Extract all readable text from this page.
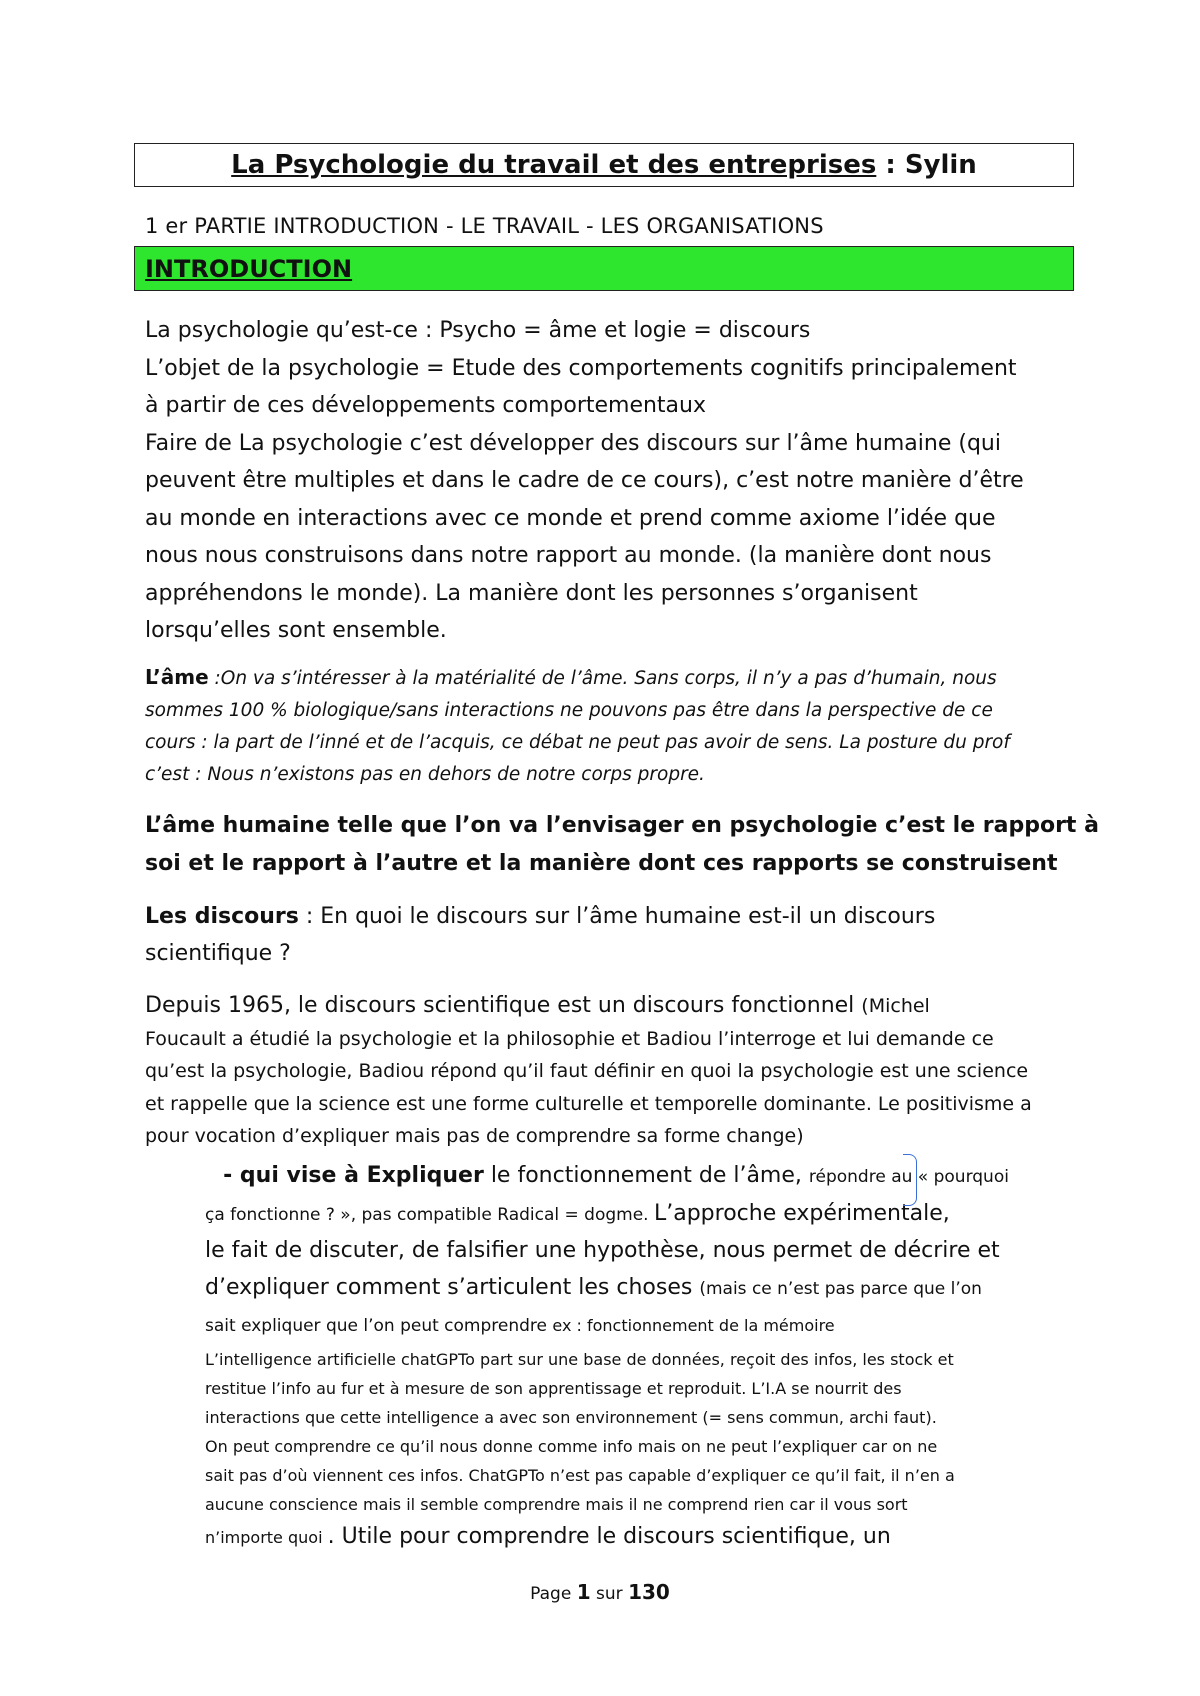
La Psychologie du travail et des entreprises : Sylin
1 er PARTIE INTRODUCTION - LE TRAVAIL - LES ORGANISATIONS
INTRODUCTION
La psychologie qu’est-ce : Psycho = âme et logie = discours
L’objet de la psychologie = Etude des comportements cognitifs principalement
à partir de ces développements comportementaux
Faire de La psychologie c’est développer des discours sur l’âme humaine (qui
peuvent être multiples et dans le cadre de ce cours), c’est notre manière d’être
au monde en interactions avec ce monde et prend comme axiome l’idée que
nous nous construisons dans notre rapport au monde. (la manière dont nous
appréhendons le monde). La manière dont les personnes s’organisent
lorsqu’elles sont ensemble.
L’âme :On va s’intéresser à la matérialité de l’âme. Sans corps, il n’y a pas d’humain, nous
sommes 100 % biologique/sans interactions ne pouvons pas être dans la perspective de ce
cours : la part de l’inné et de l’acquis, ce débat ne peut pas avoir de sens. La posture du prof
c’est : Nous n’existons pas en dehors de notre corps propre.
L’âme humaine telle que l’on va l’envisager en psychologie c’est le rapport à
soi et le rapport à l’autre et la manière dont ces rapports se construisent
Les discours : En quoi le discours sur l’âme humaine est-il un discours
scientifique ?
Depuis 1965, le discours scientifique est un discours fonctionnel (Michel
Foucault a étudié la psychologie et la philosophie et Badiou l’interroge et lui demande ce
qu’est la psychologie, Badiou répond qu’il faut définir en quoi la psychologie est une science
et rappelle que la science est une forme culturelle et temporelle dominante. Le positivisme a
pour vocation d’expliquer mais pas de comprendre sa forme change)
- qui vise à Expliquer le fonctionnement de l’âme, répondre au « pourquoi
ça fonctionne ? », pas compatible Radical = dogme. L’approche expérimentale,
le fait de discuter, de falsifier une hypothèse, nous permet de décrire et
d’expliquer comment s’articulent les choses (mais ce n’est pas parce que l’on
sait expliquer que l’on peut comprendre ex : fonctionnement de la mémoire
L’intelligence artificielle chatGPTo part sur une base de données, reçoit des infos, les stock et
restitue l’info au fur et à mesure de son apprentissage et reproduit. L’I.A se nourrit des
interactions que cette intelligence a avec son environnement (= sens commun, archi faut).
On peut comprendre ce qu’il nous donne comme info mais on ne peut l’expliquer car on ne
sait pas d’où viennent ces infos. ChatGPTo n’est pas capable d’expliquer ce qu’il fait, il n’en a
aucune conscience mais il semble comprendre mais il ne comprend rien car il vous sort
n’importe quoi . Utile pour comprendre le discours scientifique, un
Page 1 sur 130
